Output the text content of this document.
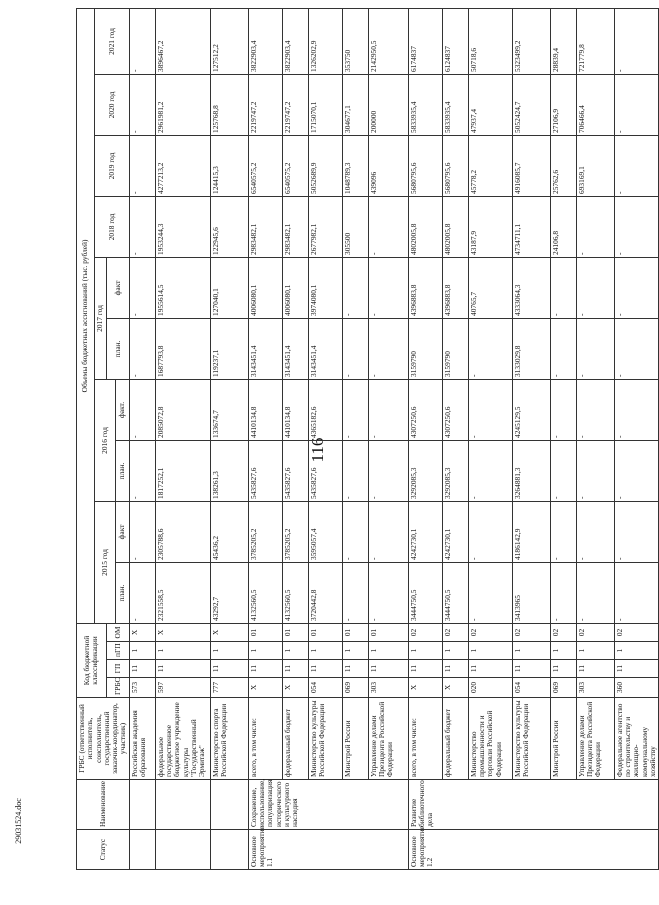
116
29031524.doc
Статус	Наименование	ГРБС (ответственный исполнитель, соисполнитель, государственный заказчик-координатор, участник)	Код бюджетной классификации				Объемы бюджетных ассигнований (тыс. рублей)									
							2015 год		2016 год		2017 год		2018 год	2019 год	2020 год	2021 год
			ГРБС	ГП	пГП	ОМ					план.	факт				
							план.	факт	план.	факт.						
		Российская академия образования	573	11	1	Х	-	-	-	-	-	-	-	-	-	-
		федеральное государственное бюджетное учреждение культуры "Государственный Эрмитаж"	597	11	1	Х	2321558,5	2305788,6	1817252,1	2085072,8	1687793,8	1955614,5	1953244,3	4277213,2	2961981,2	3896467,2
		Министерство спорта Российской Федерации	777	11	1	Х	43292,7	45436,2	138261,3	133674,7	119237,1	127040,1	122945,6	124415,3	125768,8	127512,2
Основное мероприятие 1.1	Сохранение, использование, популяризация исторического и культурного наследия	всего, в том числе:	Х	11	1	01	4132560,5	3785205,2	5435827,6	4410134,8	3143451,4	4006080,1	2983482,1	6540575,2	2219747,2	3822903,4
		федеральный бюджет	Х	11	1	01	4132560,5	3785205,2	5435827,6	4410134,8	3143451,4	4006080,1	2983482,1	6540575,2	2219747,2	3822903,4
		Министерство культуры Российской Федерации	054	11	1	01	3720442,8	3595057,4	5435827,6	4365182,6	3143451,4	3974080,1	2677982,1	5052689,9	1715070,1	1326202,9
		Минстрой России	069	11	1	01	-	-	-	-	-	-	305500	1048789,3	304677,1	353750
		Управление делами Президента Российской Федерации	303	11	1	01	-	-	-	-	-	-	-	439096	200000	2142950,5
Основное мероприятие 1.2	Развитие библиотечного дела	всего, в том числе:	Х	11	1	02	3444750,5	4242730,1	3292085,3	4307250,6	3159790	4396883,8	4802005,8	5680795,6	5833935,4	6174837
		федеральный бюджет	Х	11	1	02	3444750,5	4242730,1	3292085,3	4307250,6	3159790	4396883,8	4802005,8	5680795,6	5833935,4	6124837
		Министерство промышленности и торговли Российской Федерации	020	11	1	02	-	-	-	-	-	40765,7	43187,9	45778,2	47937,4	50718,6
		Министерство культуры Российской Федерации	054	11	1	02	3413965	4186142,9	3264881,3	4245129,5	3133029,8	4333064,3	4734711,1	4916085,7	5052424,7	5323499,2
		Минстрой России	069	11	1	02	-	-	-	-	-	-	24106,8	25762,6	27106,9	28839,4
		Управление делами Президента Российской Федерации	303	11	1	02	-	-	-	-	-	-	-	693169,1	706466,4	721779,8
		Федеральное агентство по строительству и жилищно-коммунальному хозяйству	360	11	1	02	-	-	-	-	-	-	-	-	-	-
